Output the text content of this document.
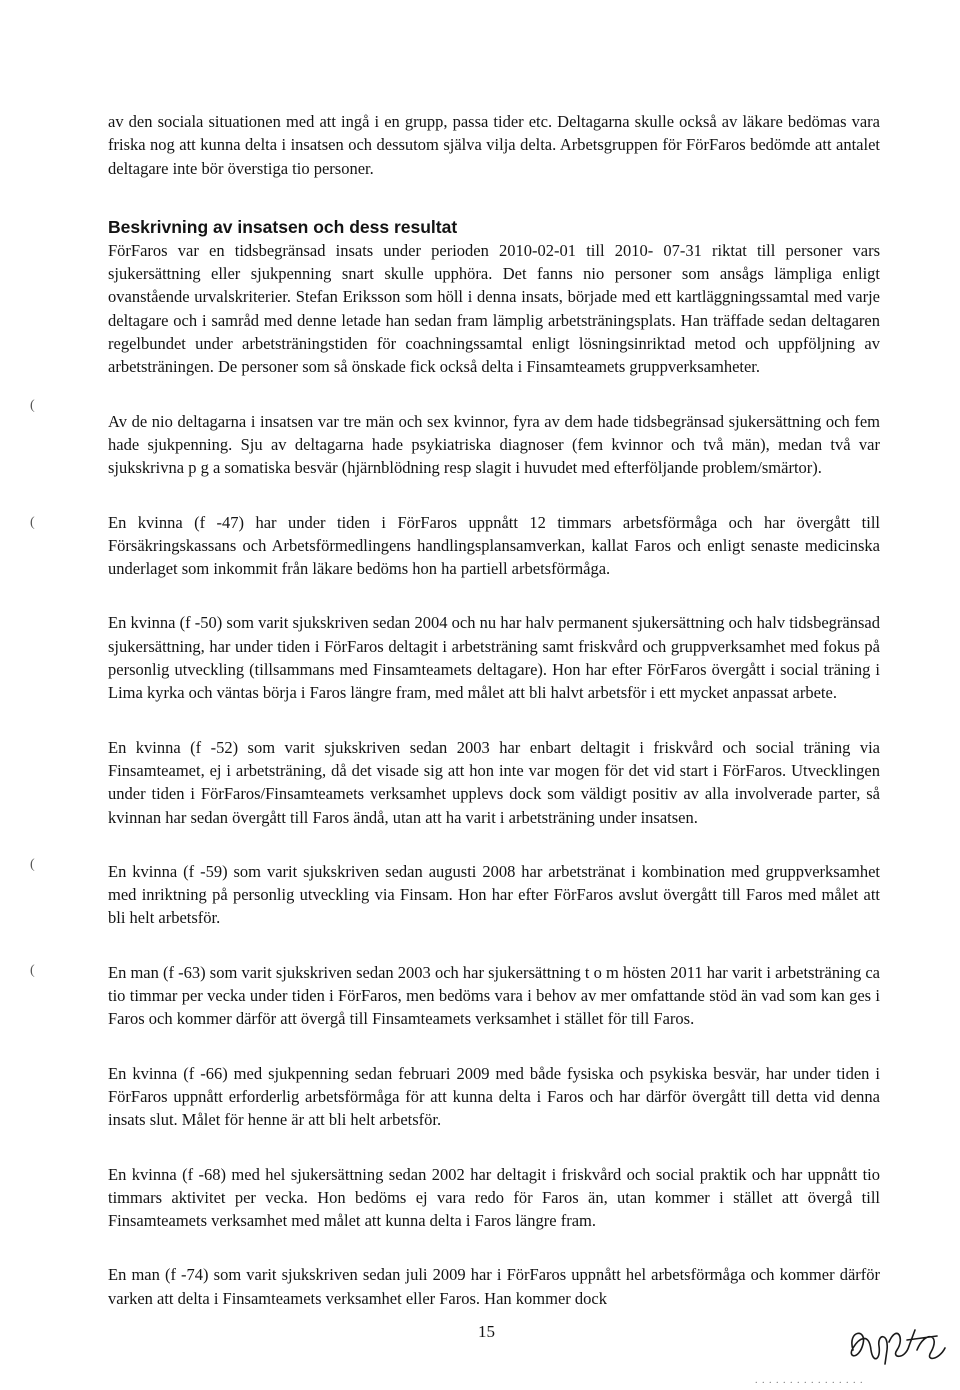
(
(
(
(

av den sociala situationen med att ingå i en grupp, passa tider etc. Deltagarna skulle också av läkare bedömas vara friska nog att kunna delta i insatsen och dessutom själva vilja delta. Arbetsgruppen för FörFaros bedömde att antalet deltagare inte bör överstiga tio personer.

Beskrivning av insatsen och dess resultat

FörFaros var en tidsbegränsad insats under perioden 2010-02-01 till 2010- 07-31 riktat till personer vars sjukersättning eller sjukpenning snart skulle upphöra. Det fanns nio personer som ansågs lämpliga enligt ovanstående urvalskriterier. Stefan Eriksson som höll i denna insats, började med ett kartläggningssamtal med varje deltagare och i samråd med denne letade han sedan fram lämplig arbetsträningsplats. Han träffade sedan deltagaren regelbundet under arbetsträningstiden för coachningssamtal enligt lösningsinriktad metod och uppföljning av arbetsträningen. De personer som så önskade fick också delta i Finsamteamets gruppverksamheter.

Av de nio deltagarna i insatsen var tre män och sex kvinnor, fyra av dem hade tidsbegränsad sjukersättning och fem hade sjukpenning. Sju av deltagarna hade psykiatriska diagnoser (fem kvinnor och två män), medan två var sjukskrivna p g a somatiska besvär (hjärnblödning resp slagit i huvudet med efterföljande problem/smärtor).

En kvinna (f -47) har under tiden i FörFaros uppnått 12 timmars arbetsförmåga och har övergått till Försäkringskassans och Arbetsförmedlingens handlingsplansamverkan, kallat Faros och enligt senaste medicinska underlaget som inkommit från läkare bedöms hon ha partiell arbetsförmåga.

En kvinna (f -50) som varit sjukskriven sedan 2004 och nu har halv permanent sjukersättning och halv tidsbegränsad sjukersättning, har under tiden i FörFaros deltagit i arbetsträning samt friskvård och gruppverksamhet med fokus på personlig utveckling (tillsammans med Finsamteamets deltagare). Hon har efter FörFaros övergått i social träning i Lima kyrka och väntas börja i Faros längre fram, med målet att bli halvt arbetsför i ett mycket anpassat arbete.

En kvinna (f -52) som varit sjukskriven sedan 2003 har enbart deltagit i friskvård och social träning via Finsamteamet, ej i arbetsträning, då det visade sig att hon inte var mogen för det vid start i FörFaros. Utvecklingen under tiden i FörFaros/Finsamteamets verksamhet upplevs dock som väldigt positiv av alla involverade parter, så kvinnan har sedan övergått till Faros ändå, utan att ha varit i arbetsträning under insatsen.

En kvinna (f -59) som varit sjukskriven sedan augusti 2008 har arbetstränat i kombination med gruppverksamhet med inriktning på personlig utveckling via Finsam. Hon har efter FörFaros avslut övergått till Faros med målet att bli helt arbetsför.

En man (f -63) som varit sjukskriven sedan 2003 och har sjukersättning t o m hösten 2011 har varit i arbetsträning ca tio timmar per vecka under tiden i FörFaros, men bedöms vara i behov av mer omfattande stöd än vad som kan ges i Faros och kommer därför att övergå till Finsamteamets verksamhet i stället för till Faros.

En kvinna (f -66) med sjukpenning sedan februari 2009 med både fysiska och psykiska besvär, har under tiden i FörFaros uppnått erforderlig arbetsförmåga för att kunna delta i Faros och har därför övergått till detta vid denna insats slut. Målet för henne är att bli helt arbetsför.

En kvinna (f -68) med hel sjukersättning sedan 2002 har deltagit i friskvård och social praktik och har uppnått tio timmars aktivitet per vecka. Hon bedöms ej vara redo för Faros än, utan kommer i stället att övergå till Finsamteamets verksamhet med målet att kunna delta i Faros längre fram.

En man (f -74) som varit sjukskriven sedan juli 2009 har i FörFaros uppnått hel arbetsförmåga och kommer därför varken att delta i Finsamteamets verksamhet eller Faros. Han kommer dock

15
. . . . . . . . . . . . . . . .
